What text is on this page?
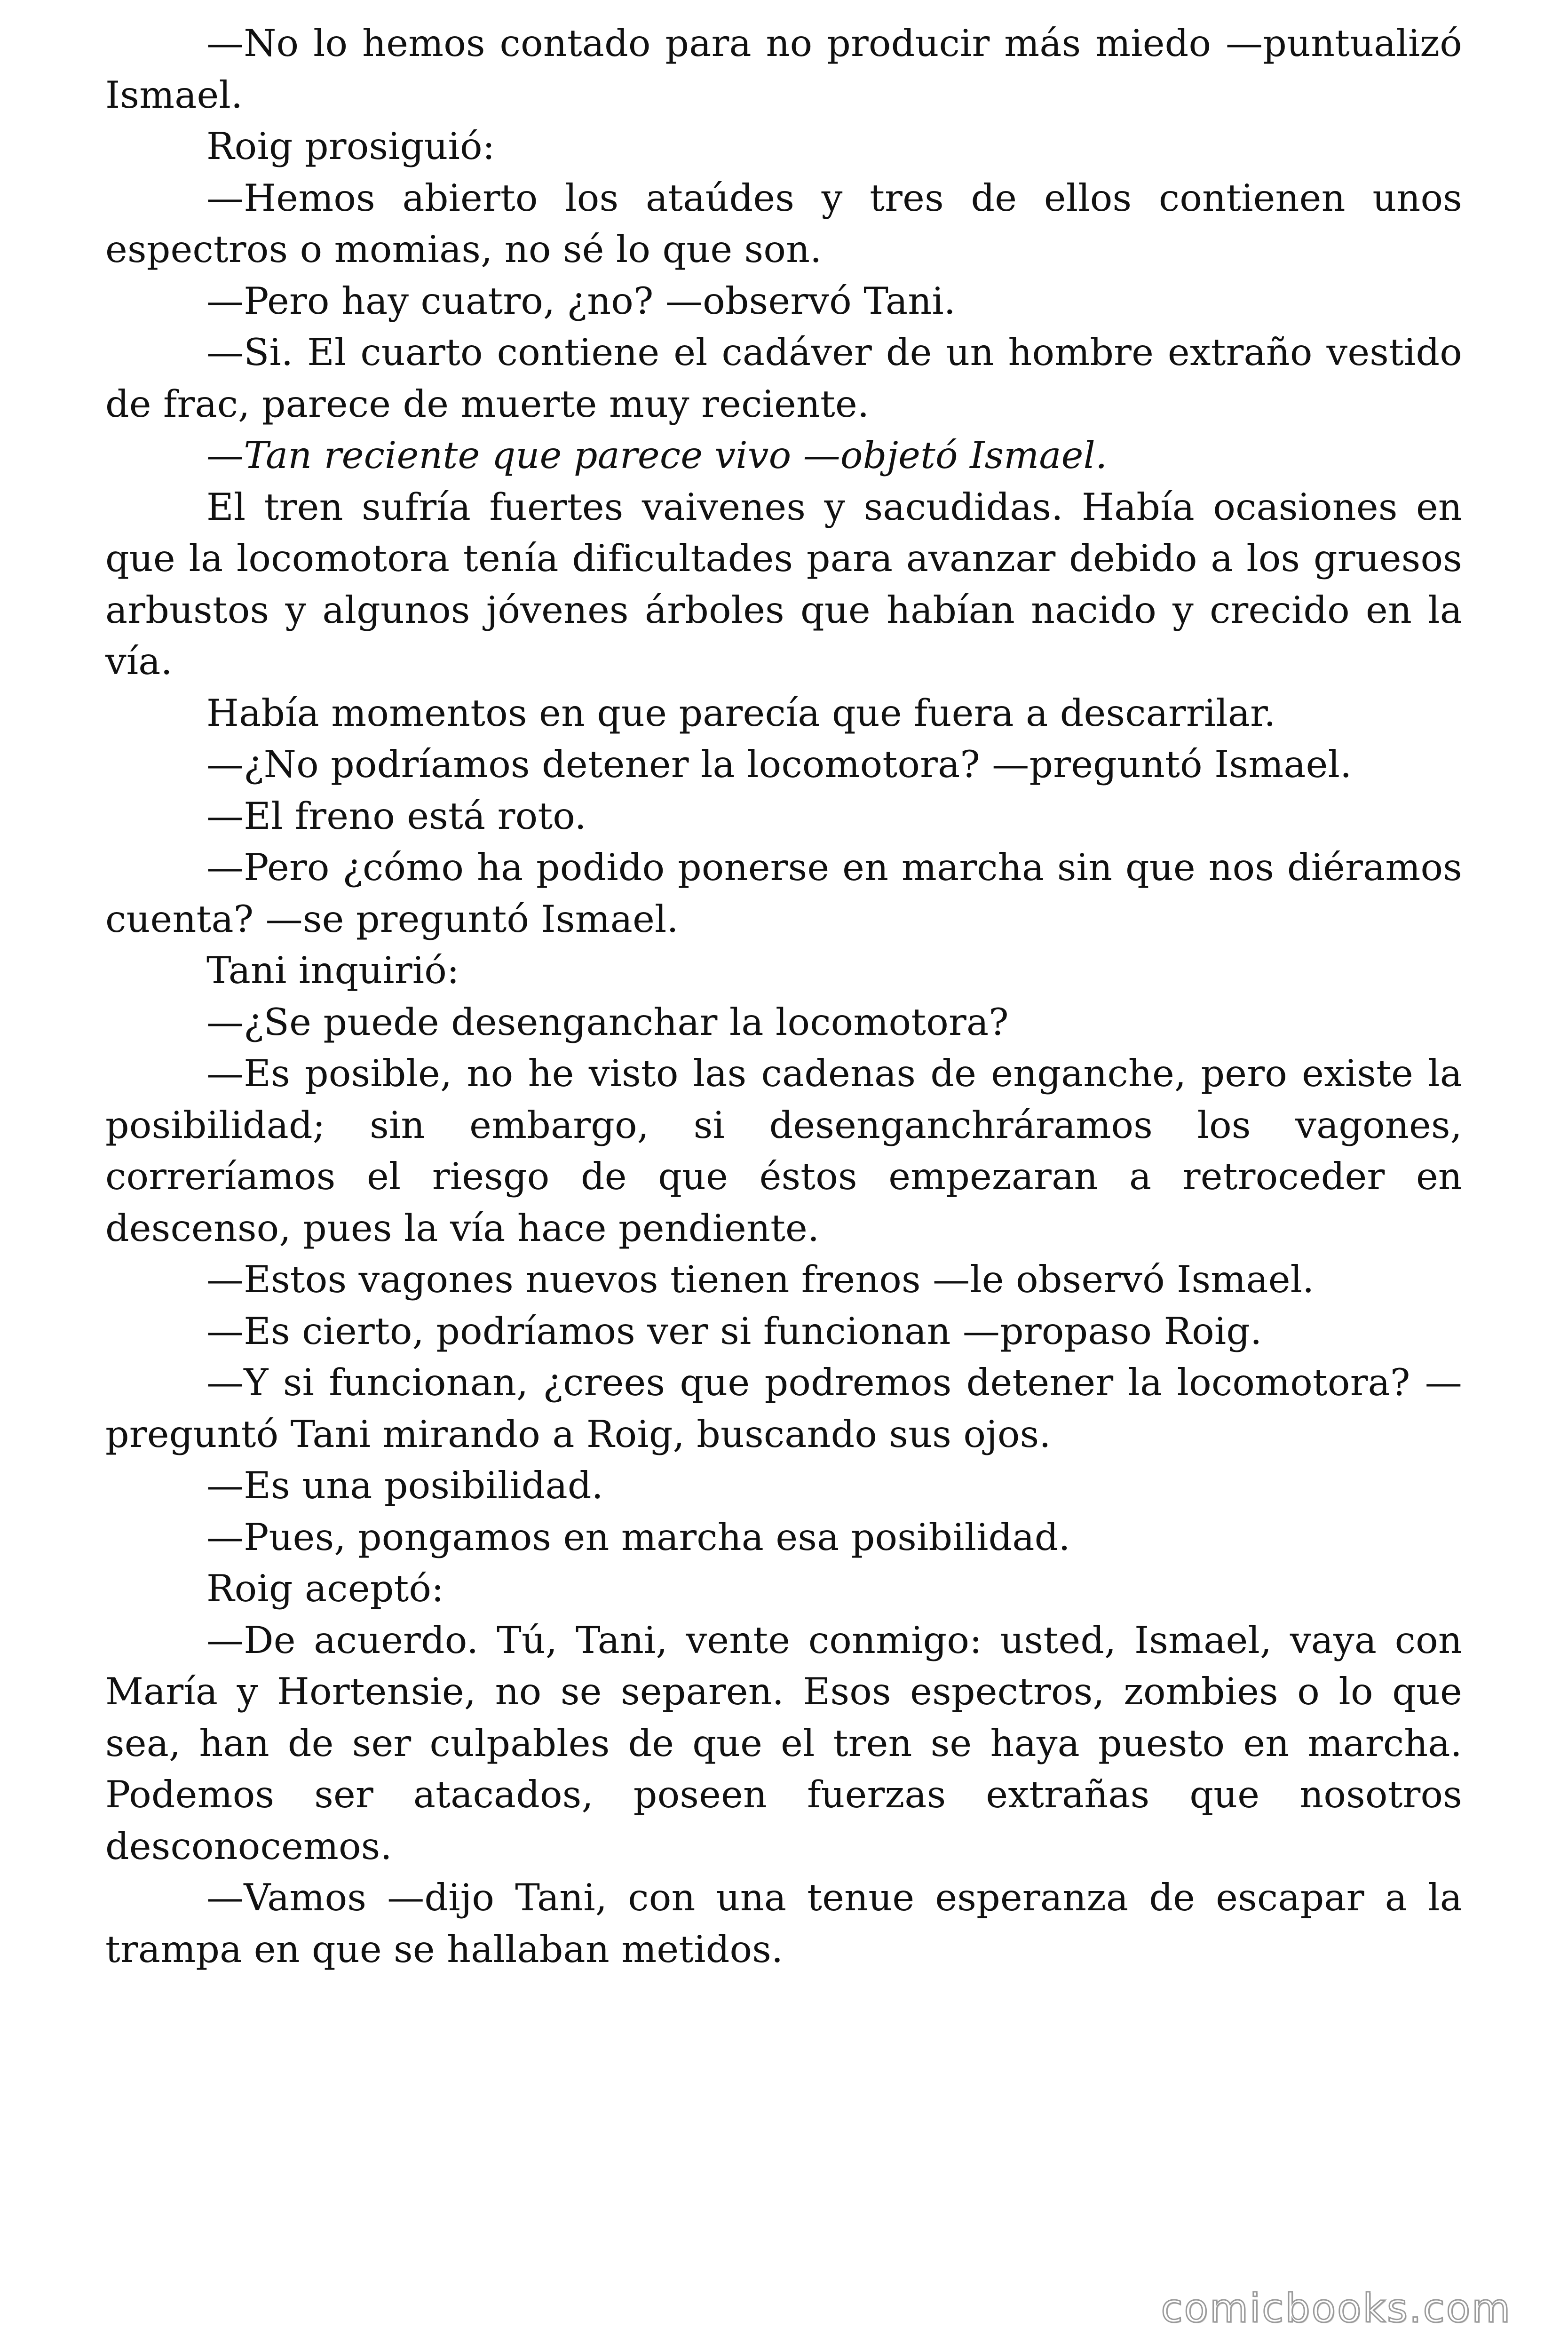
—No lo hemos contado para no producir más miedo —puntualizó Ismael.

Roig prosiguió:

—Hemos abierto los ataúdes y tres de ellos contienen unos espectros o momias, no sé lo que son.

—Pero hay cuatro, ¿no? —observó Tani.

—Si. El cuarto contiene el cadáver de un hombre extraño vestido de frac, parece de muerte muy reciente.

—Tan reciente que parece vivo —objetó Ismael.

El tren sufría fuertes vaivenes y sacudidas. Había ocasiones en que la locomotora tenía dificultades para avanzar debido a los gruesos arbustos y algunos jóvenes árboles que habían nacido y crecido en la vía.

Había momentos en que parecía que fuera a descarrilar.

—¿No podríamos detener la locomotora? —preguntó Ismael.

—El freno está roto.

—Pero ¿cómo ha podido ponerse en marcha sin que nos diéramos cuenta? —se preguntó Ismael.

Tani inquirió:

—¿Se puede desenganchar la locomotora?

—Es posible, no he visto las cadenas de enganche, pero existe la posibilidad; sin embargo, si desenganchráramos los vagones, correríamos el riesgo de que éstos empezaran a retroceder en descenso, pues la vía hace pendiente.

—Estos vagones nuevos tienen frenos —le observó Ismael.

—Es cierto, podríamos ver si funcionan —propaso Roig.

—Y si funcionan, ¿crees que podremos detener la locomotora? —preguntó Tani mirando a Roig, buscando sus ojos.

—Es una posibilidad.

—Pues, pongamos en marcha esa posibilidad.

Roig aceptó:

—De acuerdo. Tú, Tani, vente conmigo: usted, Ismael, vaya con María y Hortensie, no se separen. Esos espectros, zombies o lo que sea, han de ser culpables de que el tren se haya puesto en marcha. Podemos ser atacados, poseen fuerzas extrañas que nosotros desconocemos.

—Vamos —dijo Tani, con una tenue esperanza de escapar a la trampa en que se hallaban metidos.

comicbooks.com
